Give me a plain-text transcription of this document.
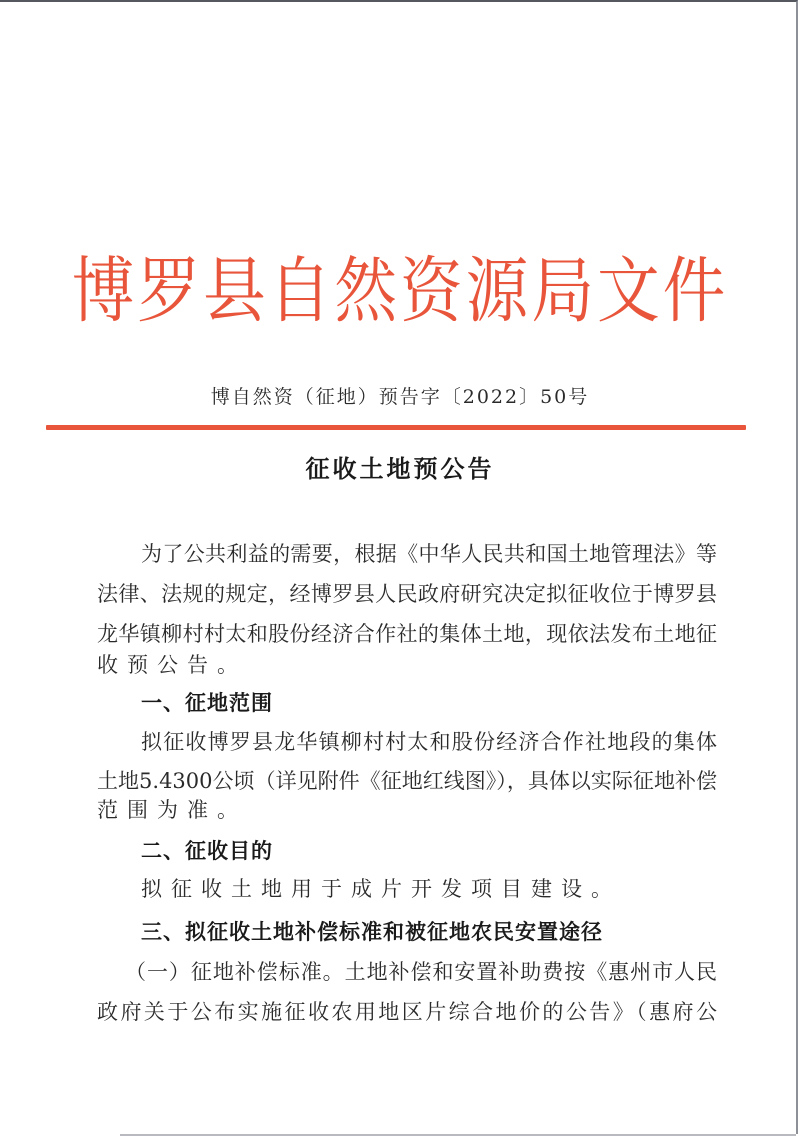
博罗县自然资源局文件
博自然资（征地）预告字〔2022〕50号
征收土地预公告
为了公共利益的需要，根据《中华人民共和国土地管理法》等
法律、法规的规定，经博罗县人民政府研究决定拟征收位于博罗县
龙华镇柳村村太和股份经济合作社的集体土地，现依法发布土地征
收预公告。
一、征地范围
拟征收博罗县龙华镇柳村村太和股份经济合作社地段的集体
土地5.4300公顷（详见附件《征地红线图》），具体以实际征地补偿
范围为准。
二、征收目的
拟征收土地用于成片开发项目建设。
三、拟征收土地补偿标准和被征地农民安置途径
（一）征地补偿标准。土地补偿和安置补助费按《惠州市人民
政府关于公布实施征收农用地区片综合地价的公告》（惠府公
